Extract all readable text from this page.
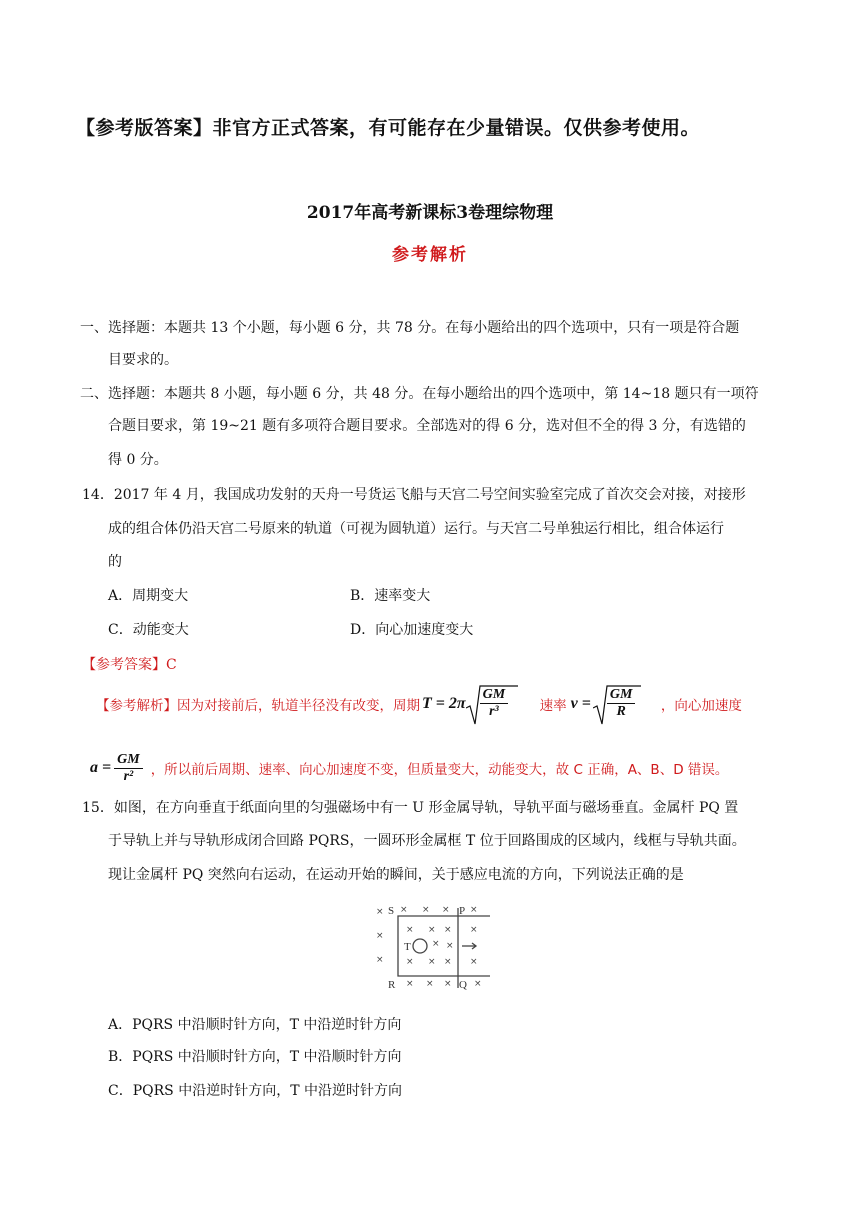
【参考版答案】非官方正式答案，有可能存在少量错误。仅供参考使用。
2017年高考新课标3卷理综物理
参考解析
一、选择题：本题共 13 个小题，每小题 6 分，共 78 分。在每小题给出的四个选项中，只有一项是符合题
目要求的。
二、选择题：本题共 8 小题，每小题 6 分，共 48 分。在每小题给出的四个选项中，第 14~18 题只有一项符
合题目要求，第 19~21 题有多项符合题目要求。全部选对的得 6 分，选对但不全的得 3 分，有选错的
得 0 分。
14．2017 年 4 月，我国成功发射的天舟一号货运飞船与天宫二号空间实验室完成了首次交会对接，对接形
成的组合体仍沿天宫二号原来的轨道（可视为圆轨道）运行。与天宫二号单独运行相比，组合体运行
的
A．周期变大	B．速率变大
C．动能变大	D．向心加速度变大
【参考答案】C
【参考解析】因为对接前后，轨道半径没有改变，周期 $T = 2\pi \frac{GM}{\text{r³}}$ 速率 $v = \frac{GM}{R}$ ，向心加速度
$a = \frac{GM}{\text{r²}}$ ，所以前后周期、速率、向心加速度不变，但质量变大，动能变大，故 C 正确，A、B、D 错误。
15．如图，在方向垂直于纸面向里的匀强磁场中有一 U 形金属导轨，导轨平面与磁场垂直。金属杆 PQ 置
于导轨上并与导轨形成闭合回路 PQRS，一圆环形金属框 T 位于回路围成的区域内，线框与导轨共面。
现让金属杆 PQ 突然向右运动，在运动开始的瞬间，关于感应电流的方向，下列说法正确的是
× × × × ×
×
× × × ×
× × × × ×
× ×
× × × ×
S	P
R	Q
T
A．PQRS 中沿顺时针方向，T 中沿逆时针方向
B．PQRS 中沿顺时针方向，T 中沿顺时针方向
C．PQRS 中沿逆时针方向，T 中沿逆时针方向
